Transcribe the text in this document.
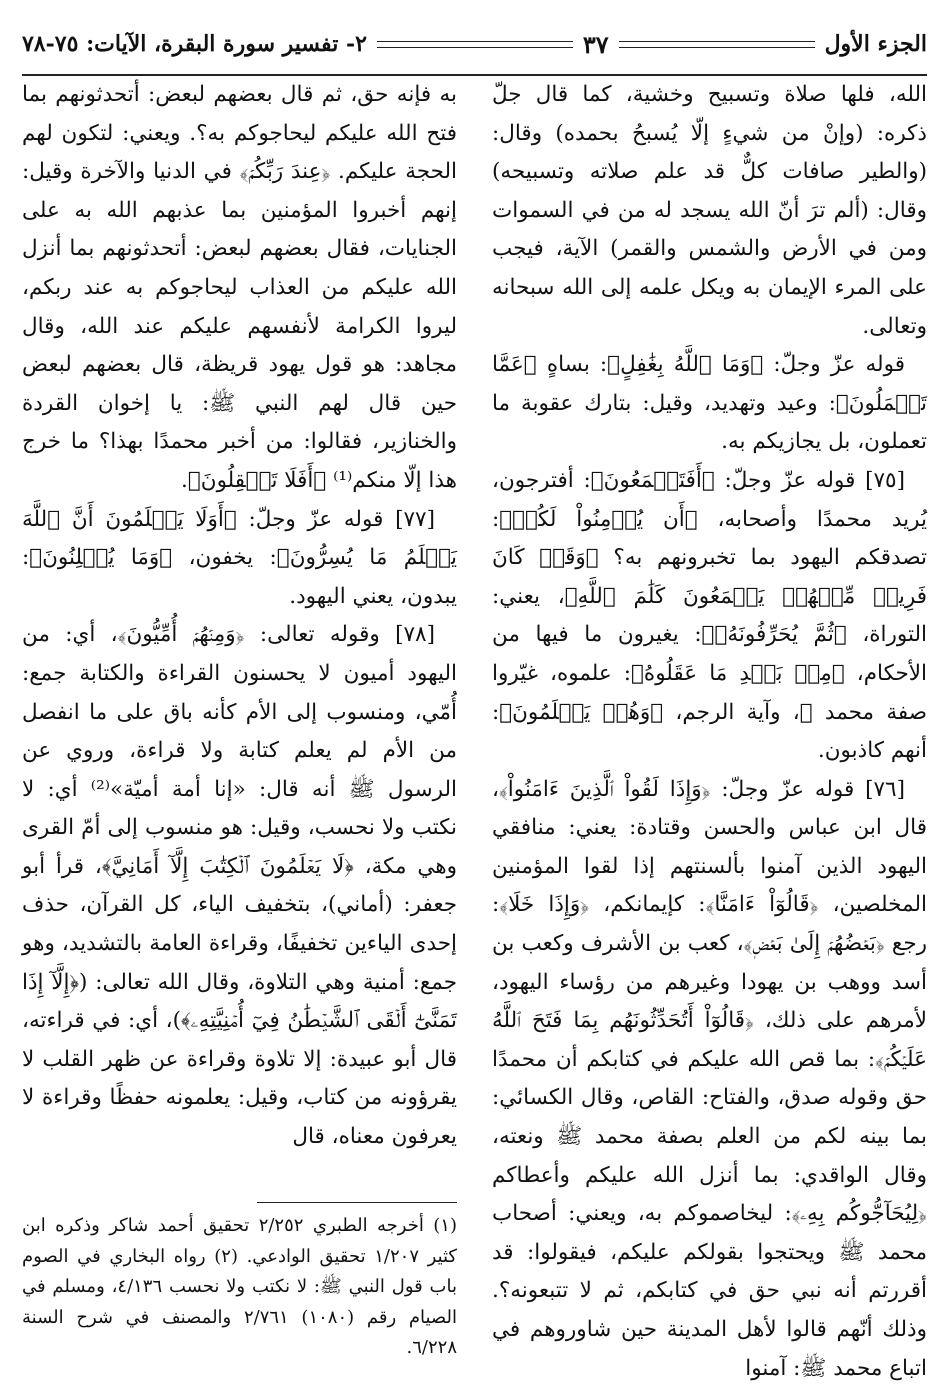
الجزء الأول
٣٧
٢- تفسير سورة البقرة، الآيات: ٧٥-٧٨

الله، فلها صلاة وتسبيح وخشية، كما قال جلّ ذكره: (وإنْ من شيءٍ إلّا يُسبحُ بحمده) وقال: (والطير صافات كلٌّ قد علم صلاته وتسبيحه) وقال: (ألم ترَ أنّ الله يسجد له من في السموات ومن في الأرض والشمس والقمر) الآية، فيجب على المرء الإيمان به ويكل علمه إلى الله سبحانه وتعالى.

قوله عزّ وجلّ: ﴿وَمَا ٱللَّهُ بِغَٰفِلٍ﴾: بساهٍ ﴿عَمَّا تَعۡمَلُونَ﴾: وعيد وتهديد، وقيل: بتارك عقوبة ما تعملون، بل يجازيكم به.

[٧٥] قوله عزّ وجلّ: ﴿أَفَتَطۡمَعُونَ﴾: أفترجون، يُريد محمدًا وأصحابه، ﴿أَن يُؤۡمِنُواْ لَكُمۡ﴾: تصدقكم اليهود بما تخبرونهم به؟ ﴿وَقَدۡ كَانَ فَرِيقٞ مِّنۡهُمۡ يَسۡمَعُونَ كَلَٰمَ ٱللَّهِ﴾، يعني: التوراة، ﴿ثُمَّ يُحَرِّفُونَهُۥ﴾: يغيرون ما فيها من الأحكام، ﴿مِنۢ بَعۡدِ مَا عَقَلُوهُ﴾: علموه، غيّروا صفة محمد ﷺ، وآية الرجم، ﴿وَهُمۡ يَعۡلَمُونَ﴾: أنهم كاذبون.

[٧٦] قوله عزّ وجلّ: ﴿وَإِذَا لَقُواْ ٱلَّذِينَ ءَامَنُواْ﴾، قال ابن عباس والحسن وقتادة: يعني: منافقي اليهود الذين آمنوا بألسنتهم إذا لقوا المؤمنين المخلصين، ﴿قَالُوٓاْ ءَامَنَّا﴾: كإيمانكم، ﴿وَإِذَا خَلَا﴾: رجع ﴿بَعۡضُهُمۡ إِلَىٰ بَعۡضٖ﴾، كعب بن الأشرف وكعب بن أسد ووهب بن يهودا وغيرهم من رؤساء اليهود، لأمرهم على ذلك، ﴿قَالُوٓاْ أَتُحَدِّثُونَهُم بِمَا فَتَحَ ٱللَّهُ عَلَيۡكُمۡ﴾: بما قص الله عليكم في كتابكم أن محمدًا حق وقوله صدق، والفتاح: القاص، وقال الكسائي: بما بينه لكم من العلم بصفة محمد ﷺ ونعته، وقال الواقدي: بما أنزل الله عليكم وأعطاكم ﴿لِيُحَآجُّوكُم بِهِۦ﴾: ليخاصموكم به، ويعني: أصحاب محمد ﷺ ويحتجوا بقولكم عليكم، فيقولوا: قد أقررتم أنه نبي حق في كتابكم، ثم لا تتبعونه؟. وذلك أنّهم قالوا لأهل المدينة حين شاوروهم في اتباع محمد ﷺ: آمنوا

به فإنه حق، ثم قال بعضهم لبعض: أتحدثونهم بما فتح الله عليكم ليحاجوكم به؟. ويعني: لتكون لهم الحجة عليكم. ﴿عِندَ رَبِّكُمۡ﴾ في الدنيا والآخرة وقيل: إنهم أخبروا المؤمنين بما عذبهم الله به على الجنايات، فقال بعضهم لبعض: أتحدثونهم بما أنزل الله عليكم من العذاب ليحاجوكم به عند ربكم، ليروا الكرامة لأنفسهم عليكم عند الله، وقال مجاهد: هو قول يهود قريظة، قال بعضهم لبعض حين قال لهم النبي ﷺ: يا إخوان القردة والخنازير، فقالوا: من أخبر محمدًا بهذا؟ ما خرج هذا إلّا منكم⁽¹⁾ ﴿أَفَلَا تَعۡقِلُونَ﴾.

[٧٧] قوله عزّ وجلّ: ﴿أَوَلَا يَعۡلَمُونَ أَنَّ ٱللَّهَ يَعۡلَمُ مَا يُسِرُّونَ﴾: يخفون، ﴿وَمَا يُعۡلِنُونَ﴾: يبدون، يعني اليهود.

[٧٨] وقوله تعالى: ﴿وَمِنۡهُمۡ أُمِّيُّونَ﴾، أي: من اليهود أميون لا يحسنون القراءة والكتابة جمع: أُمّي، ومنسوب إلى الأم كأنه باق على ما انفصل من الأم لم يعلم كتابة ولا قراءة، وروي عن الرسول ﷺ أنه قال: «إنا أمة أميّة»⁽²⁾ أي: لا نكتب ولا نحسب، وقيل: هو منسوب إلى أمّ القرى وهي مكة، ﴿لَا يَعۡلَمُونَ ٱلۡكِتَٰبَ إِلَّآ أَمَانِيَّ﴾، قرأ أبو جعفر: (أماني)، بتخفيف الياء، كل القرآن، حذف إحدى الياءين تخفيفًا، وقراءة العامة بالتشديد، وهو جمع: أمنية وهي التلاوة، وقال الله تعالى: (﴿إِلَّآ إِذَا تَمَنَّىٰٓ أَلۡقَى ٱلشَّيۡطَٰنُ فِيٓ أُمۡنِيَّتِهِۦ﴾)، أي: في قراءته، قال أبو عبيدة: إلا تلاوة وقراءة عن ظهر القلب لا يقرؤونه من كتاب، وقيل: يعلمونه حفظًا وقراءة لا يعرفون معناه، قال

(١) أخرجه الطبري ٢/٢٥٢ تحقيق أحمد شاكر وذكره ابن كثير ١/٢٠٧ تحقيق الوادعي. (٢) رواه البخاري في الصوم باب قول النبي ﷺ: لا نكتب ولا نحسب ٤/١٣٦، ومسلم في الصيام رقم (١٠٨٠) ٢/٧٦١ والمصنف في شرح السنة ٦/٢٢٨.
